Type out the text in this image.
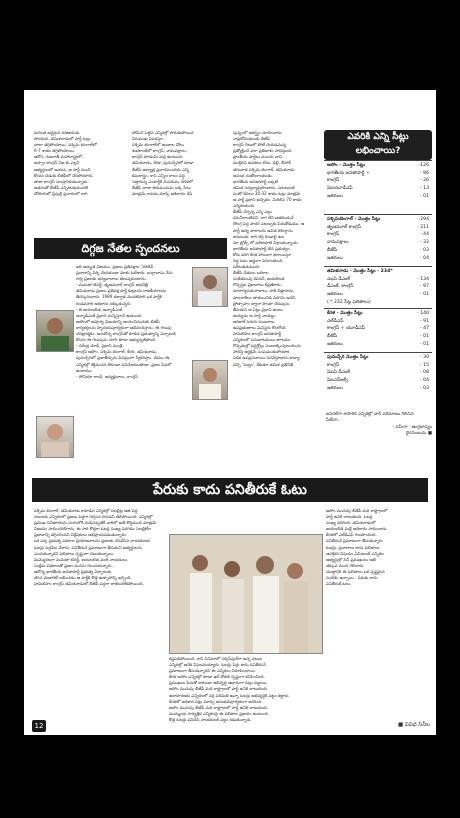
మరింత అర్థమైన వరిణామకు
పొందింది. తమిళనాడులో పార్టీ ఓట్లు
చాలా తగ్గిపోయాయి. పశ్చిమ బెంగాల్‌లో
6-7 శాతం తగ్గిపోయాయి.
ఆరోగ, గుజరాతీ మహారాష్ట్రలో,
అస్సాం కాంగ్రెస్ నిజ కు ఎల్లని
అభ్యర్థులలో ఆయన, ఆ పార్టీ మంచి
కొంచెం చెడుకు బీజేపీలో చేరిపోయారు.
తాజా కాంగ్రెస్ పలస్తానికుతున్నాడు.
అతనుతో బీజేపీ ఎన్నికలకుమొదటి
వోటింగులో ప్రీపుల్లి ప్రచారంలో లాగి
హామీని పెట్టిన ఎన్నికల్లో పొరుకుపోయిన
విరుముఖ వివరస్తూ.
పశ్చిమ బెంగాల్‌లో అంబాల వోటు
శుభకాంభ్‌లో కాంగ్రెస్, వామపక్షాలు,
కాంగ్రెస్ కూడుమి మర్రి ఉంటుంది.
తమిళనాడు, కేరళ, పుదుచ్చేరిలో కూడా
బీజేపీ ఆధ్యాత్ర ప్రచారముందిరు ఎన్ని
కమలాస్త్రం. కాని ఎన్నిల కాలం పెద్ద
సత్తాకున్న ఎంపార్టీకే మిసరుమ. కేరళలో
బీజేపీ చాలా జిరుమునుమ ఒక్క సీటు
మాత్రమే రావడం మార్కీ ఆశిలాదం రేపే
పున్నంలో అకర్ష్యం చూదించారు.
నావ్రదోవింతులకు బీజేపీ
కాంగ్రెస్ రేటులో పోటీ చెయడమన్న
ప్రత్యోక్షించే ఎలా ప్రతిభాశం సాధిస్తుంది.
ప్రాంతీయ పార్టీలు ముందు వాని
ముక్తిదిని ఉపకటం లేదు. ఢిల్లీ, బీహార్
తరువాత పశ్చిమ బెంగాల్, తమిళనాడు
అసంభ దుతోందాంతంతు.
భారతీయ జనతాపార్టీ ఒక్కటే
తమిళ సర్వవ్యాప్తిపొందారు. ఎదుటుంటి
పెంటో కేవలం 30-32 శాతం ఓట్లు మాత్రమే
ఆ పార్టీ ప్రధాని ఖచ్చితం. మిగిలిన 70 శాతం
ఎన్నికలకుంది.
బీజేపీ చేర్పన్న ఎన్ని ఎట్లు
రమనీలాంటివని. రాగ లేని అతరించునే
దొలగ్గ పెద్ద పాదరి పటల్పుకు పేరుతోడుము. ఆ
పార్టీ అధ్య పాలాలను ఉవిత కళింగ్దాను
జనులుకు. రాగి దెర్తి రెండాల్టి ఉల
నూ బ్రోత్స్ లో పలికాపాటి విశ్రాంతున్నాయ.
భారతీయ జనతాపార్టీ తిన ప్రభుత్వం
కోరు పెరిగి కేరళ హాయిగా భరాయిస్తూ
దిద్ద ఓటు అడ్డంగా పెరుగుతుంది
పరీటుకుఓటుంది.
బీజేపీ చేతులు ఒకగాల
సంకేతపెంపు కపదన్, జయలిలత
గొప్పస్తల ప్రభావాలు కేప్రణికారు.
మారాగ్యసుకుసారాలు, పాకి చిత్రాసాను,
పాలనాశీలం తాతయినిడి పరగను అనేని
ప్రోత్సాహం ద్వారా సొంతా చెరువును
తీసుకుని ఆ ఏట్లు ప్రధాని ఉంటు
జయ్యడం ఆ పార్టీ నాయ్యం.
అరికాల్ సెరుగు సంబరాలు
ఉపప్రభుణాలు మినిస్టరు కొంలోంది.
హమిలిహం కాంగ్రెస్ జనతాపార్టీ
ఎన్నికలలో పసుబాటమయి జూలము
గొప్పతుల్లో పెద్దర్హోల్లు సంబలక్కింపులందించు
సాధిస్తి ఆర్థక్రమే సంఘముకుపోయాక
పడిక ఉపప్రచురాయి సెరవేస్తూదాసు కావ్యా
వచ్చి 'సెల్వం', శేకుతూ తమిళ ప్రతినీతి
ఎవరికి ఎన్ని సీట్లు
లభించాయి?
అసోం - మొత్తం సీట్లు	-126
భారతీయ జనతాపార్టీ +	- 86
కాంగ్రెస్	- 26
ఏఐయూడీఎఫ్	- 13
ఇతరులు	- 01
పశ్చిమబెంగాల్ - మొత్తం సీట్లు	-294
తృణమూల్ కాంగ్రెస్	- 211
కాంగ్రెస్	- 44
వామపక్షాలు	- 32
బీజేపీ	- 03
ఇతరులు	- 04
తమిళనాడు - మొత్తం సీట్లు - 234*
ఎఐఏ డీఎంకే	- 134
డీఎంకే, కాంగ్రెస్	- 97
ఇతరులు	- 01
( * 232 సీట్ల ఫలితాలు)
కేరళ - మొత్తం సీట్లు	- 140
ఎల్‌డీఎఫ్	- 91
కాంగ్రెస్ + యూడీఎఫ్	- 47
బీజేపీ	- 01
ఇతరులు	- 01
పుదుచ్చేరి మొత్తం సీట్లు	- 30
కాంగ్రెస్	- 15
ఏఐఏ డీఎంకే	- 08
ఏఐఎన్ఆర్సీ	- 04
ఇతరులు	- 03
జనరల్‌గా కాపారిక ఎన్నికల్లో వార్ పరిమాణం గెలిచిన
సీటేనా.
- సమీరా : ఆంగ్లభాష్యం
ధైరసంబుడు ■
దిగ్గజ నేతల స్పందనలు
ఇది అధ్భుత విజయం. ప్రజలు ప్రతిపక్షాల 'నెగెటివ్
ప్రచారాన్ని పిర్ని చేయకుండా మాకు ఓటేశారు. బంగ్లావాసు నేను
గర్వ ప్రజలకు తన్యవాదాలు తెలుపుకుంటాను.
- మమతా బెనర్జీ, తృణమూల్ కాంగ్రెస్ అధినేత్రి
తమిళనాడు ప్రజలు ప్రతివక్ష పార్టీ కుట్రలను రాజకీయాలను
తిరస్కరించారు. 1989 తర్వాత మొదటిసారి ఒక పార్టీకి
రెండవసారి అధికారం దక్కుతున్నది.
- జె జయలలిత, అన్నాడీఎంకే
అన్నాడీఎంకే ప్రధాన మన్నిస్తూనే ఉంటుంది.
అసోంలో అపూర్వ విజయాన్ని అందించినందుకు బీజేపీ
కార్యకర్తలను హృదయపూర్వకంగా అభినందిస్తాను. ఈ గెలుపు
చరిత్రాత్మకం. అనుకొన్న కాంగ్రెస్‌తో కూడిన ప్రభుత్వాన్ని ఏర్పాటుకి
కొంచెం ఈ గెలుపును చూసి కూడా అభ్యున్నతిపొంది.
- నరేంద్ర మోడీ, ప్రధాని మంత్రి
కాంగ్రెస్ అసోం, పశ్చిమ బెంగాల్, కేరళ, తమిళనాడు,
పుదుచ్చేరిలో ప్రజాతీర్పును వినమ్రంగా స్వీకరిస్తాం. మేము ఈ
ఎన్నికల్లో శక్తివంచన లేకుండా పనిచేశాముకూడా. ప్రజల సేవలో
ఉంటాము.
- సోనియా గాంధీ, అధ్యక్షురాలు, కాంగ్రెస్
పేరుకు కాదు పనితీరుకే ఓటు
పశ్చిమ బెంగాల్, తమిళనాడు కాపాడిన ఎన్నికల్లో సెలబ్రిట్ల ఆజి పెద్ద
నటులకు ఎన్నికలలో ప్రజలు పెద్దగా గుర్తించ దిగువని తేలిపోయింది. ఎన్నికల్లో
ప్రముఖ సినీతారలను రంగంలోకి దింపినప్పటికీ వారిలో అతి కొద్దిమంది మాత్రమే
విజయం సాధించగలిగారు. ఈ సారి కొత్తగా ఓటర్ల సంఖ్య పెరగడం సెలబ్రిటీల
ప్రభావాన్ని తగ్గించిందని విశ్లేషకులు అభిప్రాయపడుతున్నారు.
ఒక పక్క ప్రభుత్వ పథకాల ప్రయోజనాలను ప్రజలకు చేరవేసిన నాయకులకు
ఓటర్లు పెద్దపీట వేశారు. పనితీరునే ప్రమాణంగా తీసుకుని అభ్యర్థులను
ఎంచుకున్నారని ఫలితాలు స్పష్టంగా చెబుతున్నాయి.
మమ్మొదటగా మమతా బెనర్జీ, జయలలిత వంటి నాయకులు
సంక్షేమ పథకాలతో ప్రజల మనసు గెలుచుకున్నారు.
ఆరోగ్య భారతీయ జనతాపార్టీ ప్రభుత్వ ఏర్పాటుకు
తగిన మెజారిటీ లభించడం ఆ పార్టీకి కొత్త ఉత్సాహాన్ని ఇచ్చింది.
హమిలిహం కాంగ్రెస్ తమిళనాడులో బీజేపీ పెద్దగా రాణించలేకపోయింది.
కష్టపడిపోయింది. కాని సినిమాలో సక్సెస్‌ఫుల్‌గా ఉన్న నటుల
ఎన్నికల్లో అనేక విఫలమయ్యారు. ఓటర్లు పేర్లు కాదు పనితీరునే
ప్రమాణంగా తీసుకున్నారని ఈ ఎన్నికలు నిరూపించాయి.
కేరళ అసోం ఎన్నికల్లో కూడా ఇదే ధోరణి స్పష్టంగా కనిపించింది.
ప్రముఖుల పేరుతో కాకుండా అభివృద్ధి ఆధారంగా ఓట్లు పడ్డాయి.
అసోం మునుపు బీజేపీ మరి రాష్ట్రాలలో పార్టీ ఉనికి చాటుకుంది.
ఉదాహరణకు ఎన్నికలలో వర్గ పరిమితి ఉన్నా ఓటర్లు అభివృద్ధికి పట్టం కట్టారు.
కేరళలో అధికార పక్షం మార్పు అనుభవపూర్వకంగా జరిగింది.
అసోం మునుపు బీజేపీ మరి రాష్ట్రాలలో పార్టీ ఉనికి చాటుకుంది.
మున్ముందు సార్వత్రిక ఎన్నికలపై ఈ ఫలితాల ప్రభావం ఉంటుంది.
కొత్త ఓటర్లు పనిచేసే నాయకులకే పట్టం కడుతున్నారు.
అసోం మునుపు బీజేపీ మరి రాష్ట్రాలలో
పార్టీ ఉనికి చాటుకుంది. ఓటర్ల
సంఖ్య పెరిగింది. తమిళనాడులో
జయలలిత మళ్లీ అధికారం సాధించారు.
కేరళలో ఎల్‌డీఎఫ్ గెలుపొందింది.
పనితీరునే ప్రమాణంగా తీసుకున్నారు
ఓటర్లు. ప్రచారాలు కాదు ఫలితాలు.
ఆసక్తికర విషయం ఏమిటంటే ఎన్నికల
అభ్యర్థుల్లో సినీ ప్రముఖులు అతి
తక్కువ మంది గెలిచారు.
మొత్తానికి ఈ ఫలితాలు ఒక స్పష్టమైన
సందేశం ఇచ్చాయి - పేరుకు కాదు
పనితీరుకే ఓటు.
12	■ వివిధ సినీల
